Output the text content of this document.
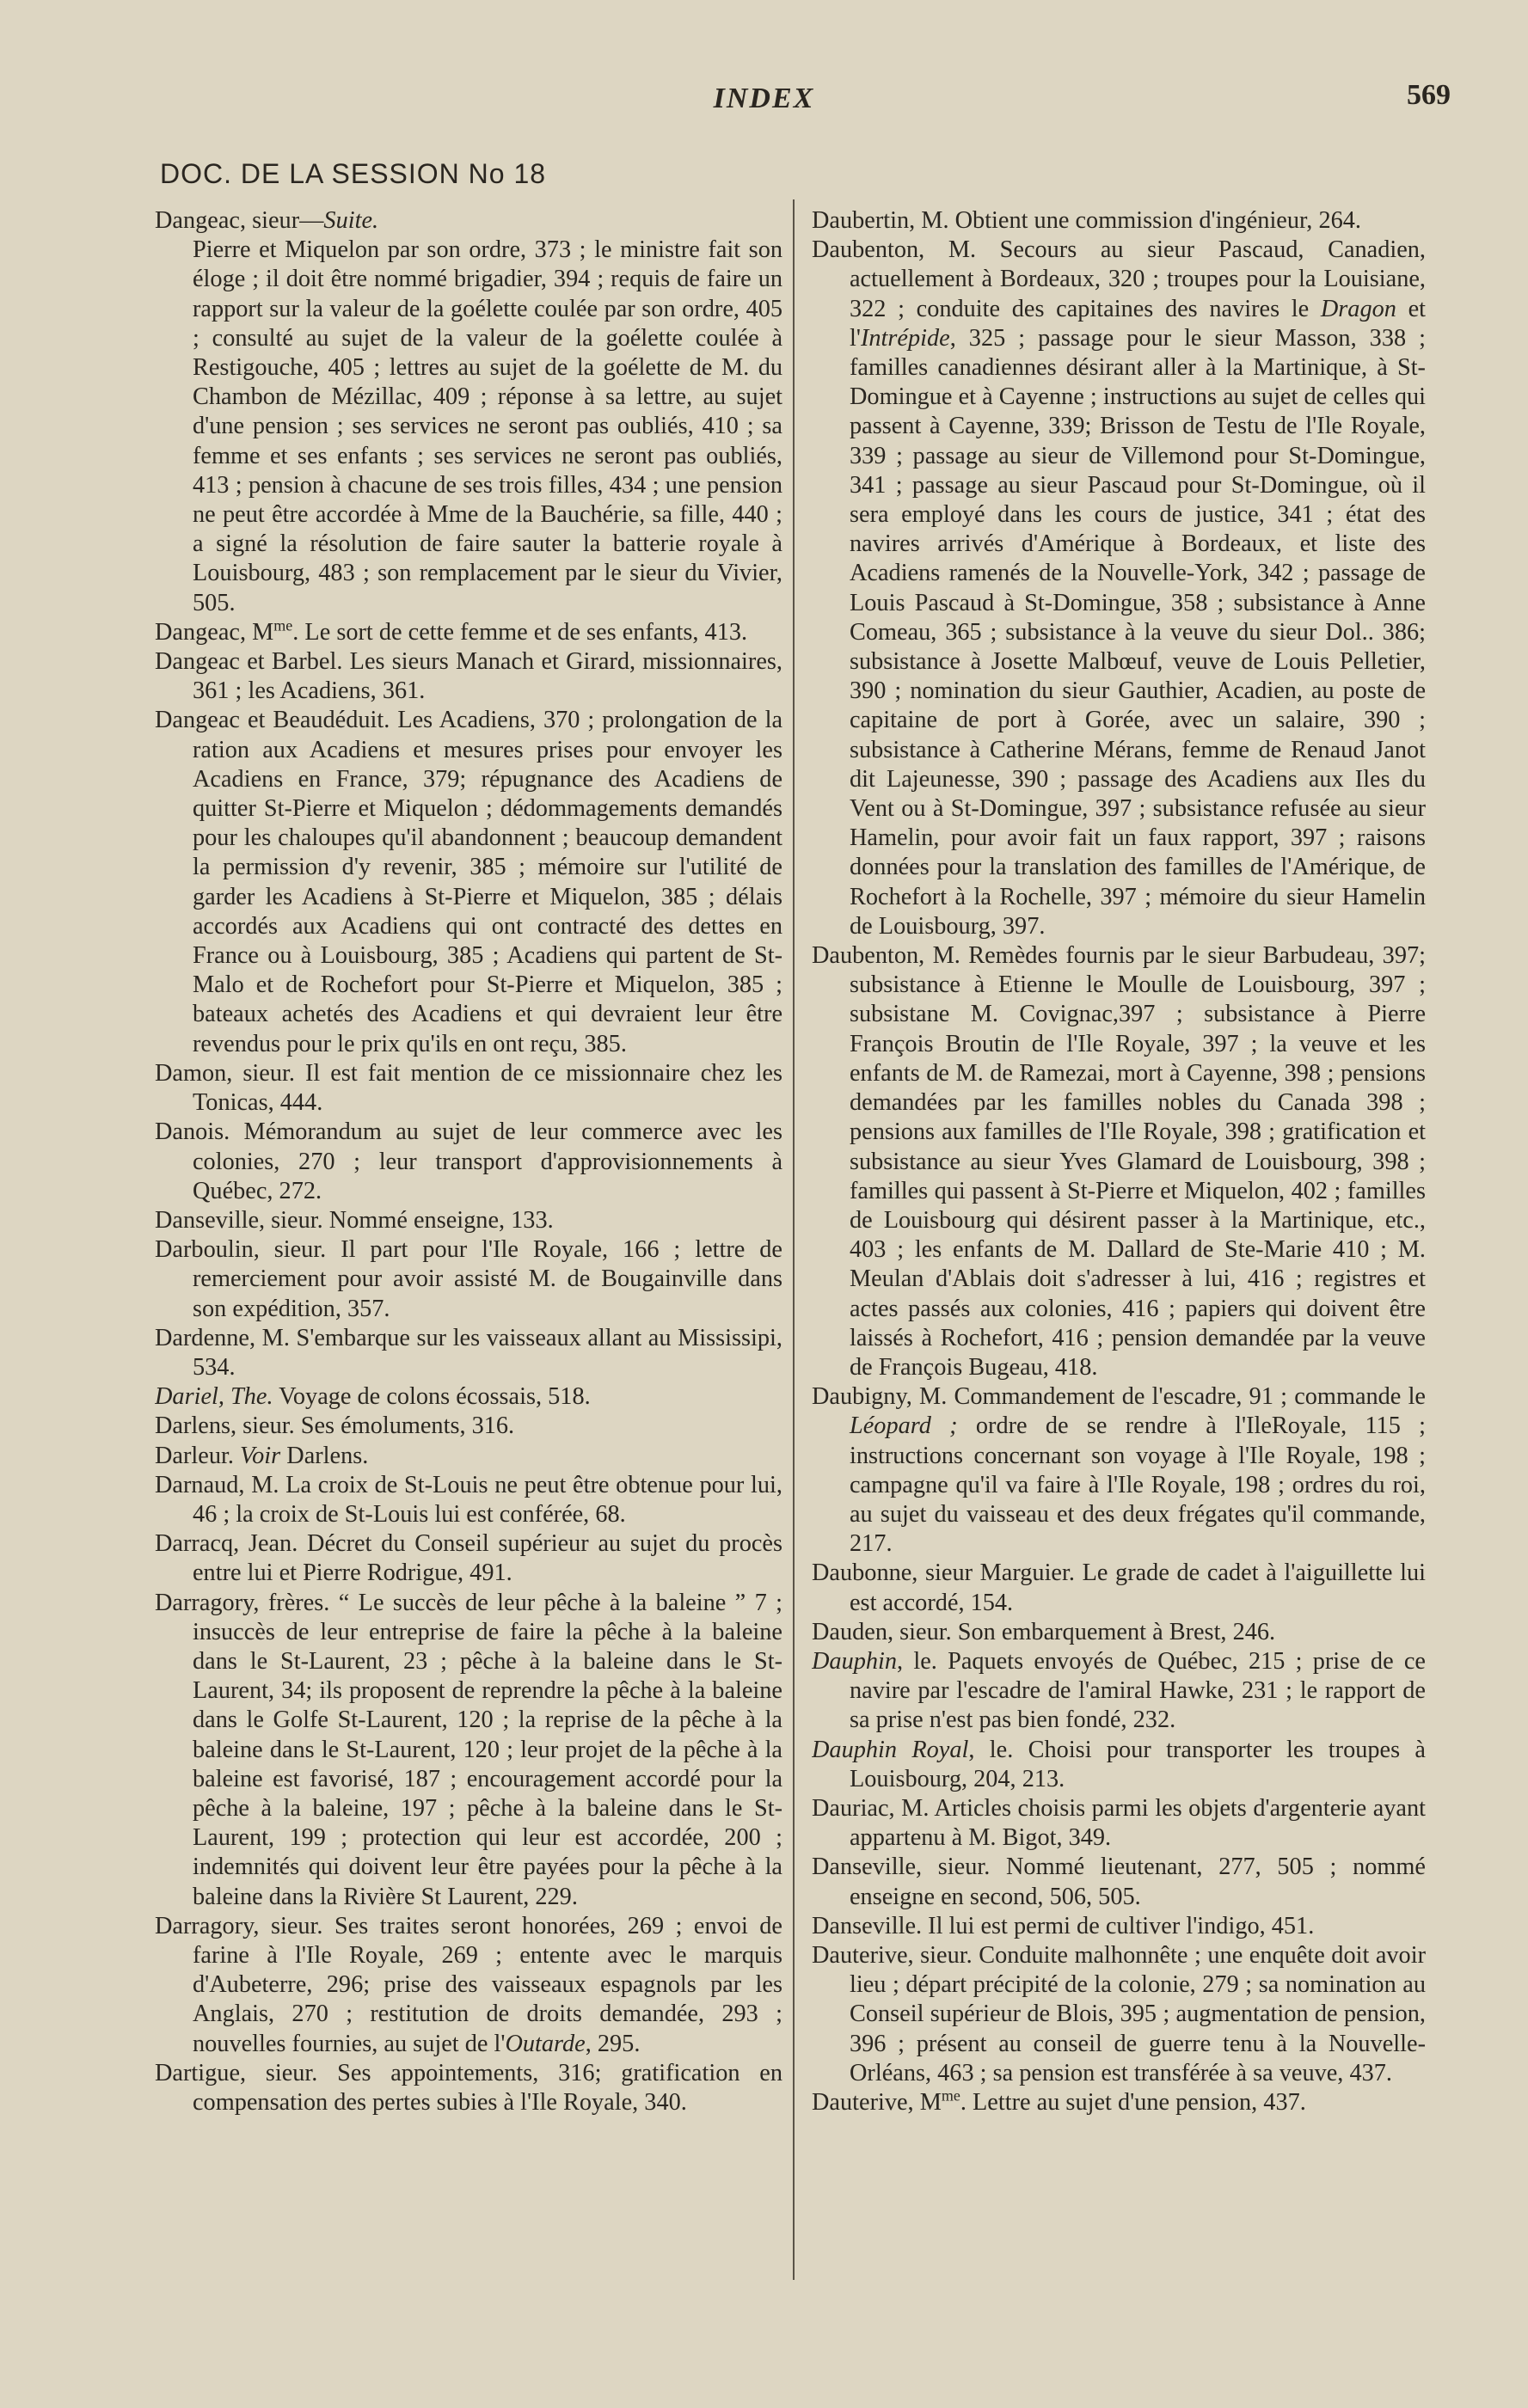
INDEX	569
DOC. DE LA SESSION No 18

Dangeac, sieur—Suite.

Pierre et Miquelon par son ordre, 373 ; le ministre fait son éloge ; il doit être nommé brigadier, 394 ; requis de faire un rapport sur la valeur de la goélette coulée par son ordre, 405 ; consulté au sujet de la valeur de la goélette coulée à Restigouche, 405 ; lettres au sujet de la goélette de M. du Chambon de Mézillac, 409 ; réponse à sa lettre, au sujet d'une pension ; ses services ne seront pas oubliés, 410 ; sa femme et ses enfants ; ses services ne seront pas oubliés, 413 ; pension à chacune de ses trois filles, 434 ; une pension ne peut être accordée à Mme de la Bauchérie, sa fille, 440 ; a signé la résolution de faire sauter la batterie royale à Louisbourg, 483 ; son remplacement par le sieur du Vivier, 505.

Dangeac, $M^{me}$. Le sort de cette femme et de ses enfants, 413.

Dangeac et Barbel. Les sieurs Manach et Girard, missionnaires, 361 ; les Acadiens, 361.

Dangeac et Beaudéduit. Les Acadiens, 370 ; prolongation de la ration aux Acadiens et mesures prises pour envoyer les Acadiens en France, 379; répugnance des Acadiens de quitter St-Pierre et Miquelon ; dédommagements demandés pour les chaloupes qu'il abandonnent ; beaucoup demandent la permission d'y revenir, 385 ; mémoire sur l'utilité de garder les Acadiens à St-Pierre et Miquelon, 385 ; délais accordés aux Acadiens qui ont contracté des dettes en France ou à Louisbourg, 385 ; Acadiens qui partent de St-Malo et de Rochefort pour St-Pierre et Miquelon, 385 ; bateaux achetés des Acadiens et qui devraient leur être revendus pour le prix qu'ils en ont reçu, 385.

Damon, sieur. Il est fait mention de ce missionnaire chez les Tonicas, 444.

Danois. Mémorandum au sujet de leur commerce avec les colonies, 270 ; leur transport d'approvisionnements à Québec, 272.

Danseville, sieur. Nommé enseigne, 133.

Darboulin, sieur. Il part pour l'Ile Royale, 166 ; lettre de remerciement pour avoir assisté M. de Bougainville dans son expédition, 357.

Dardenne, M. S'embarque sur les vaisseaux allant au Mississipi, 534.

Dariel, The. Voyage de colons écossais, 518.

Darlens, sieur. Ses émoluments, 316.

Darleur. Voir Darlens.

Darnaud, M. La croix de St-Louis ne peut être obtenue pour lui, 46 ; la croix de St-Louis lui est conférée, 68.

Darracq, Jean. Décret du Conseil supérieur au sujet du procès entre lui et Pierre Rodrigue, 491.

Darragory, frères. “ Le succès de leur pêche à la baleine ” 7 ; insuccès de leur entreprise de faire la pêche à la baleine dans le St-Laurent, 23 ; pêche à la baleine dans le St-Laurent, 34; ils proposent de reprendre la pêche à la baleine dans le Golfe St-Laurent, 120 ; la reprise de la pêche à la baleine dans le St-Laurent, 120 ; leur projet de la pêche à la baleine est favorisé, 187 ; encouragement accordé pour la pêche à la baleine, 197 ; pêche à la baleine dans le St-Laurent, 199 ; protection qui leur est accordée, 200 ; indemnités qui doivent leur être payées pour la pêche à la baleine dans la Rivière St Laurent, 229.

Darragory, sieur. Ses traites seront honorées, 269 ; envoi de farine à l'Ile Royale, 269 ; entente avec le marquis d'Aubeterre, 296; prise des vaisseaux espagnols par les Anglais, 270 ; restitution de droits demandée, 293 ; nouvelles fournies, au sujet de l'Outarde, 295.

Dartigue, sieur. Ses appointements, 316; gratification en compensation des pertes subies à l'Ile Royale, 340.

Daubertin, M. Obtient une commission d'ingénieur, 264.

Daubenton, M. Secours au sieur Pascaud, Canadien, actuellement à Bordeaux, 320 ; troupes pour la Louisiane, 322 ; conduite des capitaines des navires le Dragon et l'Intrépide, 325 ; passage pour le sieur Masson, 338 ; familles canadiennes désirant aller à la Martinique, à St-Domingue et à Cayenne ; instructions au sujet de celles qui passent à Cayenne, 339; Brisson de Testu de l'Ile Royale, 339 ; passage au sieur de Villemond pour St-Domingue, 341 ; passage au sieur Pascaud pour St-Domingue, où il sera employé dans les cours de justice, 341 ; état des navires arrivés d'Amérique à Bordeaux, et liste des Acadiens ramenés de la Nouvelle-York, 342 ; passage de Louis Pascaud à St-Domingue, 358 ; subsistance à Anne Comeau, 365 ; subsistance à la veuve du sieur Dol.. 386; subsistance à Josette Malbœuf, veuve de Louis Pelletier, 390 ; nomination du sieur Gauthier, Acadien, au poste de capitaine de port à Gorée, avec un salaire, 390 ; subsistance à Catherine Mérans, femme de Renaud Janot dit Lajeunesse, 390 ; passage des Acadiens aux Iles du Vent ou à St-Domingue, 397 ; subsistance refusée au sieur Hamelin, pour avoir fait un faux rapport, 397 ; raisons données pour la translation des familles de l'Amérique, de Rochefort à la Rochelle, 397 ; mémoire du sieur Hamelin de Louisbourg, 397.

Daubenton, M. Remèdes fournis par le sieur Barbudeau, 397; subsistance à Etienne le Moulle de Louisbourg, 397 ; subsistane M. Covignac,397 ; subsistance à Pierre François Broutin de l'Ile Royale, 397 ; la veuve et les enfants de M. de Ramezai, mort à Cayenne, 398 ; pensions demandées par les familles nobles du Canada 398 ; pensions aux familles de l'Ile Royale, 398 ; gratification et subsistance au sieur Yves Glamard de Louisbourg, 398 ; familles qui passent à St-Pierre et Miquelon, 402 ; familles de Louisbourg qui désirent passer à la Martinique, etc., 403 ; les enfants de M. Dallard de Ste-Marie 410 ; M. Meulan d'Ablais doit s'adresser à lui, 416 ; registres et actes passés aux colonies, 416 ; papiers qui doivent être laissés à Rochefort, 416 ; pension demandée par la veuve de François Bugeau, 418.

Daubigny, M. Commandement de l'escadre, 91 ; commande le Léopard ; ordre de se rendre à l'IleRoyale, 115 ; instructions concernant son voyage à l'Ile Royale, 198 ; campagne qu'il va faire à l'Ile Royale, 198 ; ordres du roi, au sujet du vaisseau et des deux frégates qu'il commande, 217.

Daubonne, sieur Marguier. Le grade de cadet à l'aiguillette lui est accordé, 154.

Dauden, sieur. Son embarquement à Brest, 246.

Dauphin, le. Paquets envoyés de Québec, 215 ; prise de ce navire par l'escadre de l'amiral Hawke, 231 ; le rapport de sa prise n'est pas bien fondé, 232.

Dauphin Royal, le. Choisi pour transporter les troupes à Louisbourg, 204, 213.

Dauriac, M. Articles choisis parmi les objets d'argenterie ayant appartenu à M. Bigot, 349.

Danseville, sieur. Nommé lieutenant, 277, 505 ; nommé enseigne en second, 506, 505.

Danseville. Il lui est permi de cultiver l'indigo, 451.

Dauterive, sieur. Conduite malhonnête ; une enquête doit avoir lieu ; départ précipité de la colonie, 279 ; sa nomination au Conseil supérieur de Blois, 395 ; augmentation de pension, 396 ; présent au conseil de guerre tenu à la Nouvelle-Orléans, 463 ; sa pension est transférée à sa veuve, 437.

Dauterive, $M^{me}$. Lettre au sujet d'une pension, 437.
